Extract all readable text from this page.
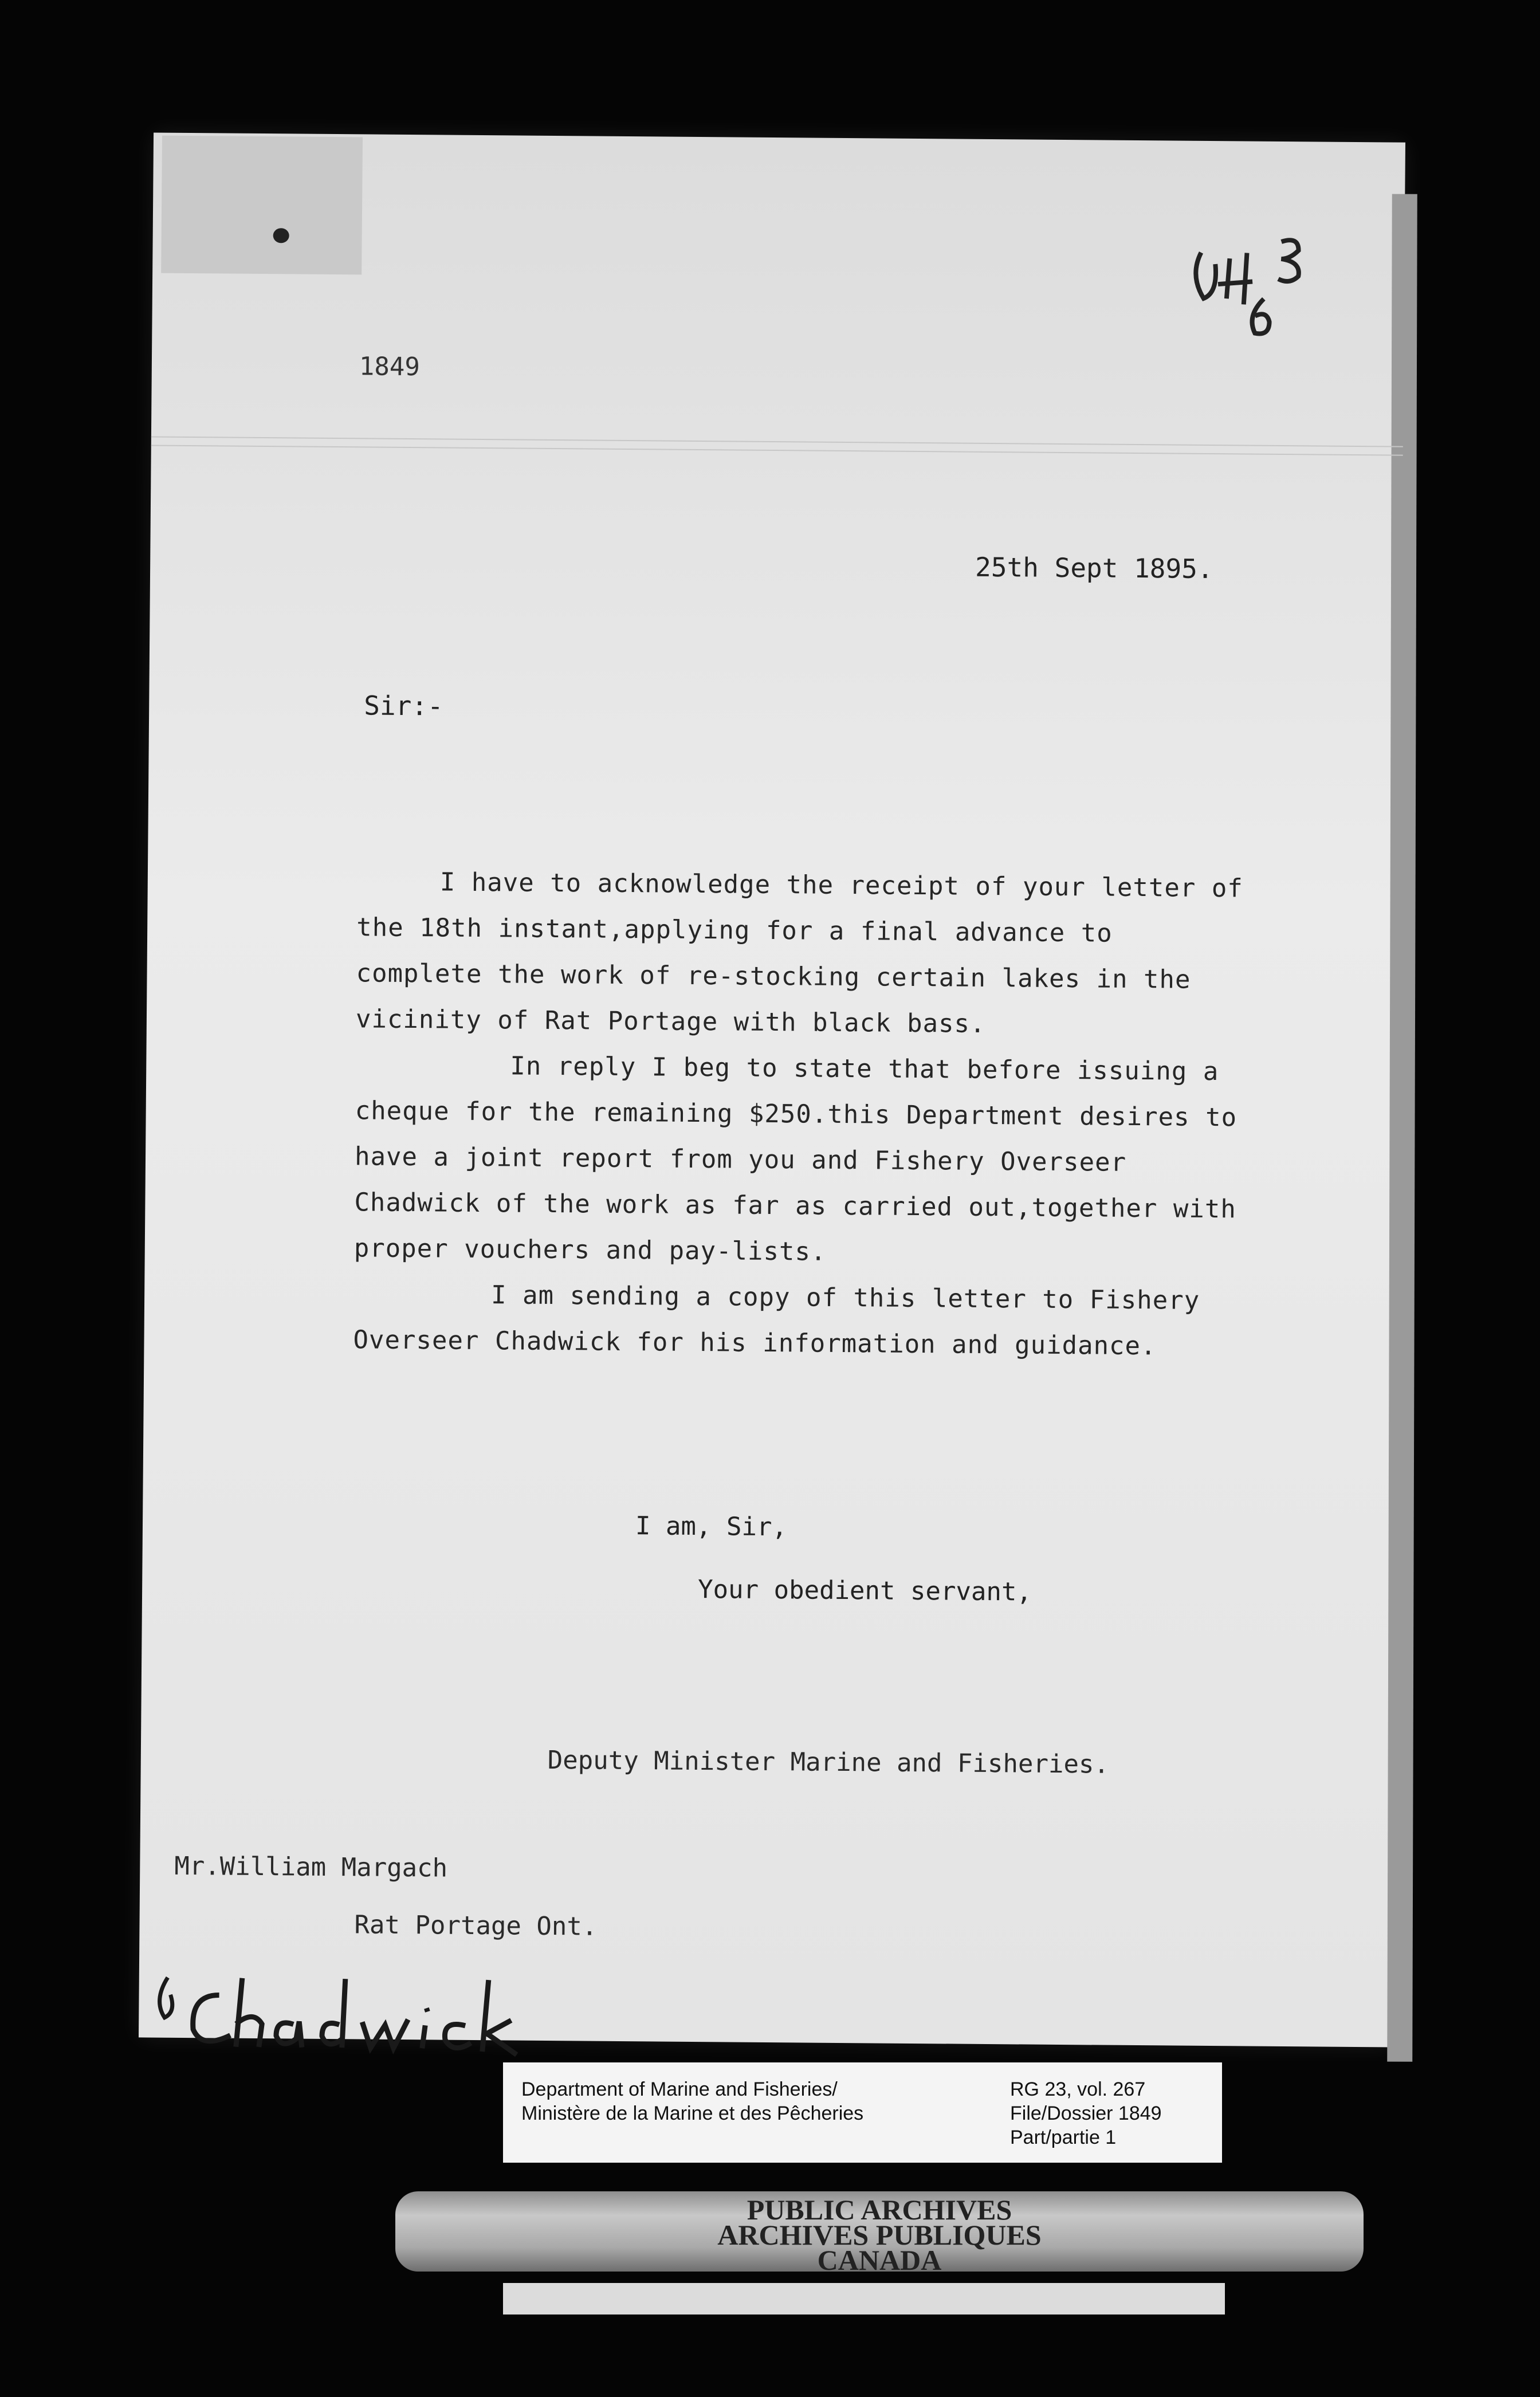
1849
25th Sept 1895.
Sir:-

I have to acknowledge the receipt of your letter of the 18th instant,applying for a final advance to complete the work of re-stocking certain lakes in the vicinity of Rat Portage with black bass.

In reply I beg to state that before issuing a cheque for the remaining $250.this Department desires to have a joint report from you and Fishery Overseer Chadwick of the work as far as carried out,together with proper vouchers and pay-lists.

I am sending a copy of this letter to Fishery Overseer Chadwick for his information and guidance.

I am, Sir,
Your obedient servant,
Deputy Minister Marine and Fisheries.
Mr.William Margach
Rat Portage Ont.
Department of Marine and Fisheries/
Ministère de la Marine et des Pêcheries
RG 23, vol. 267
File/Dossier 1849
Part/partie 1
PUBLIC ARCHIVES
ARCHIVES PUBLIQUES
CANADA
